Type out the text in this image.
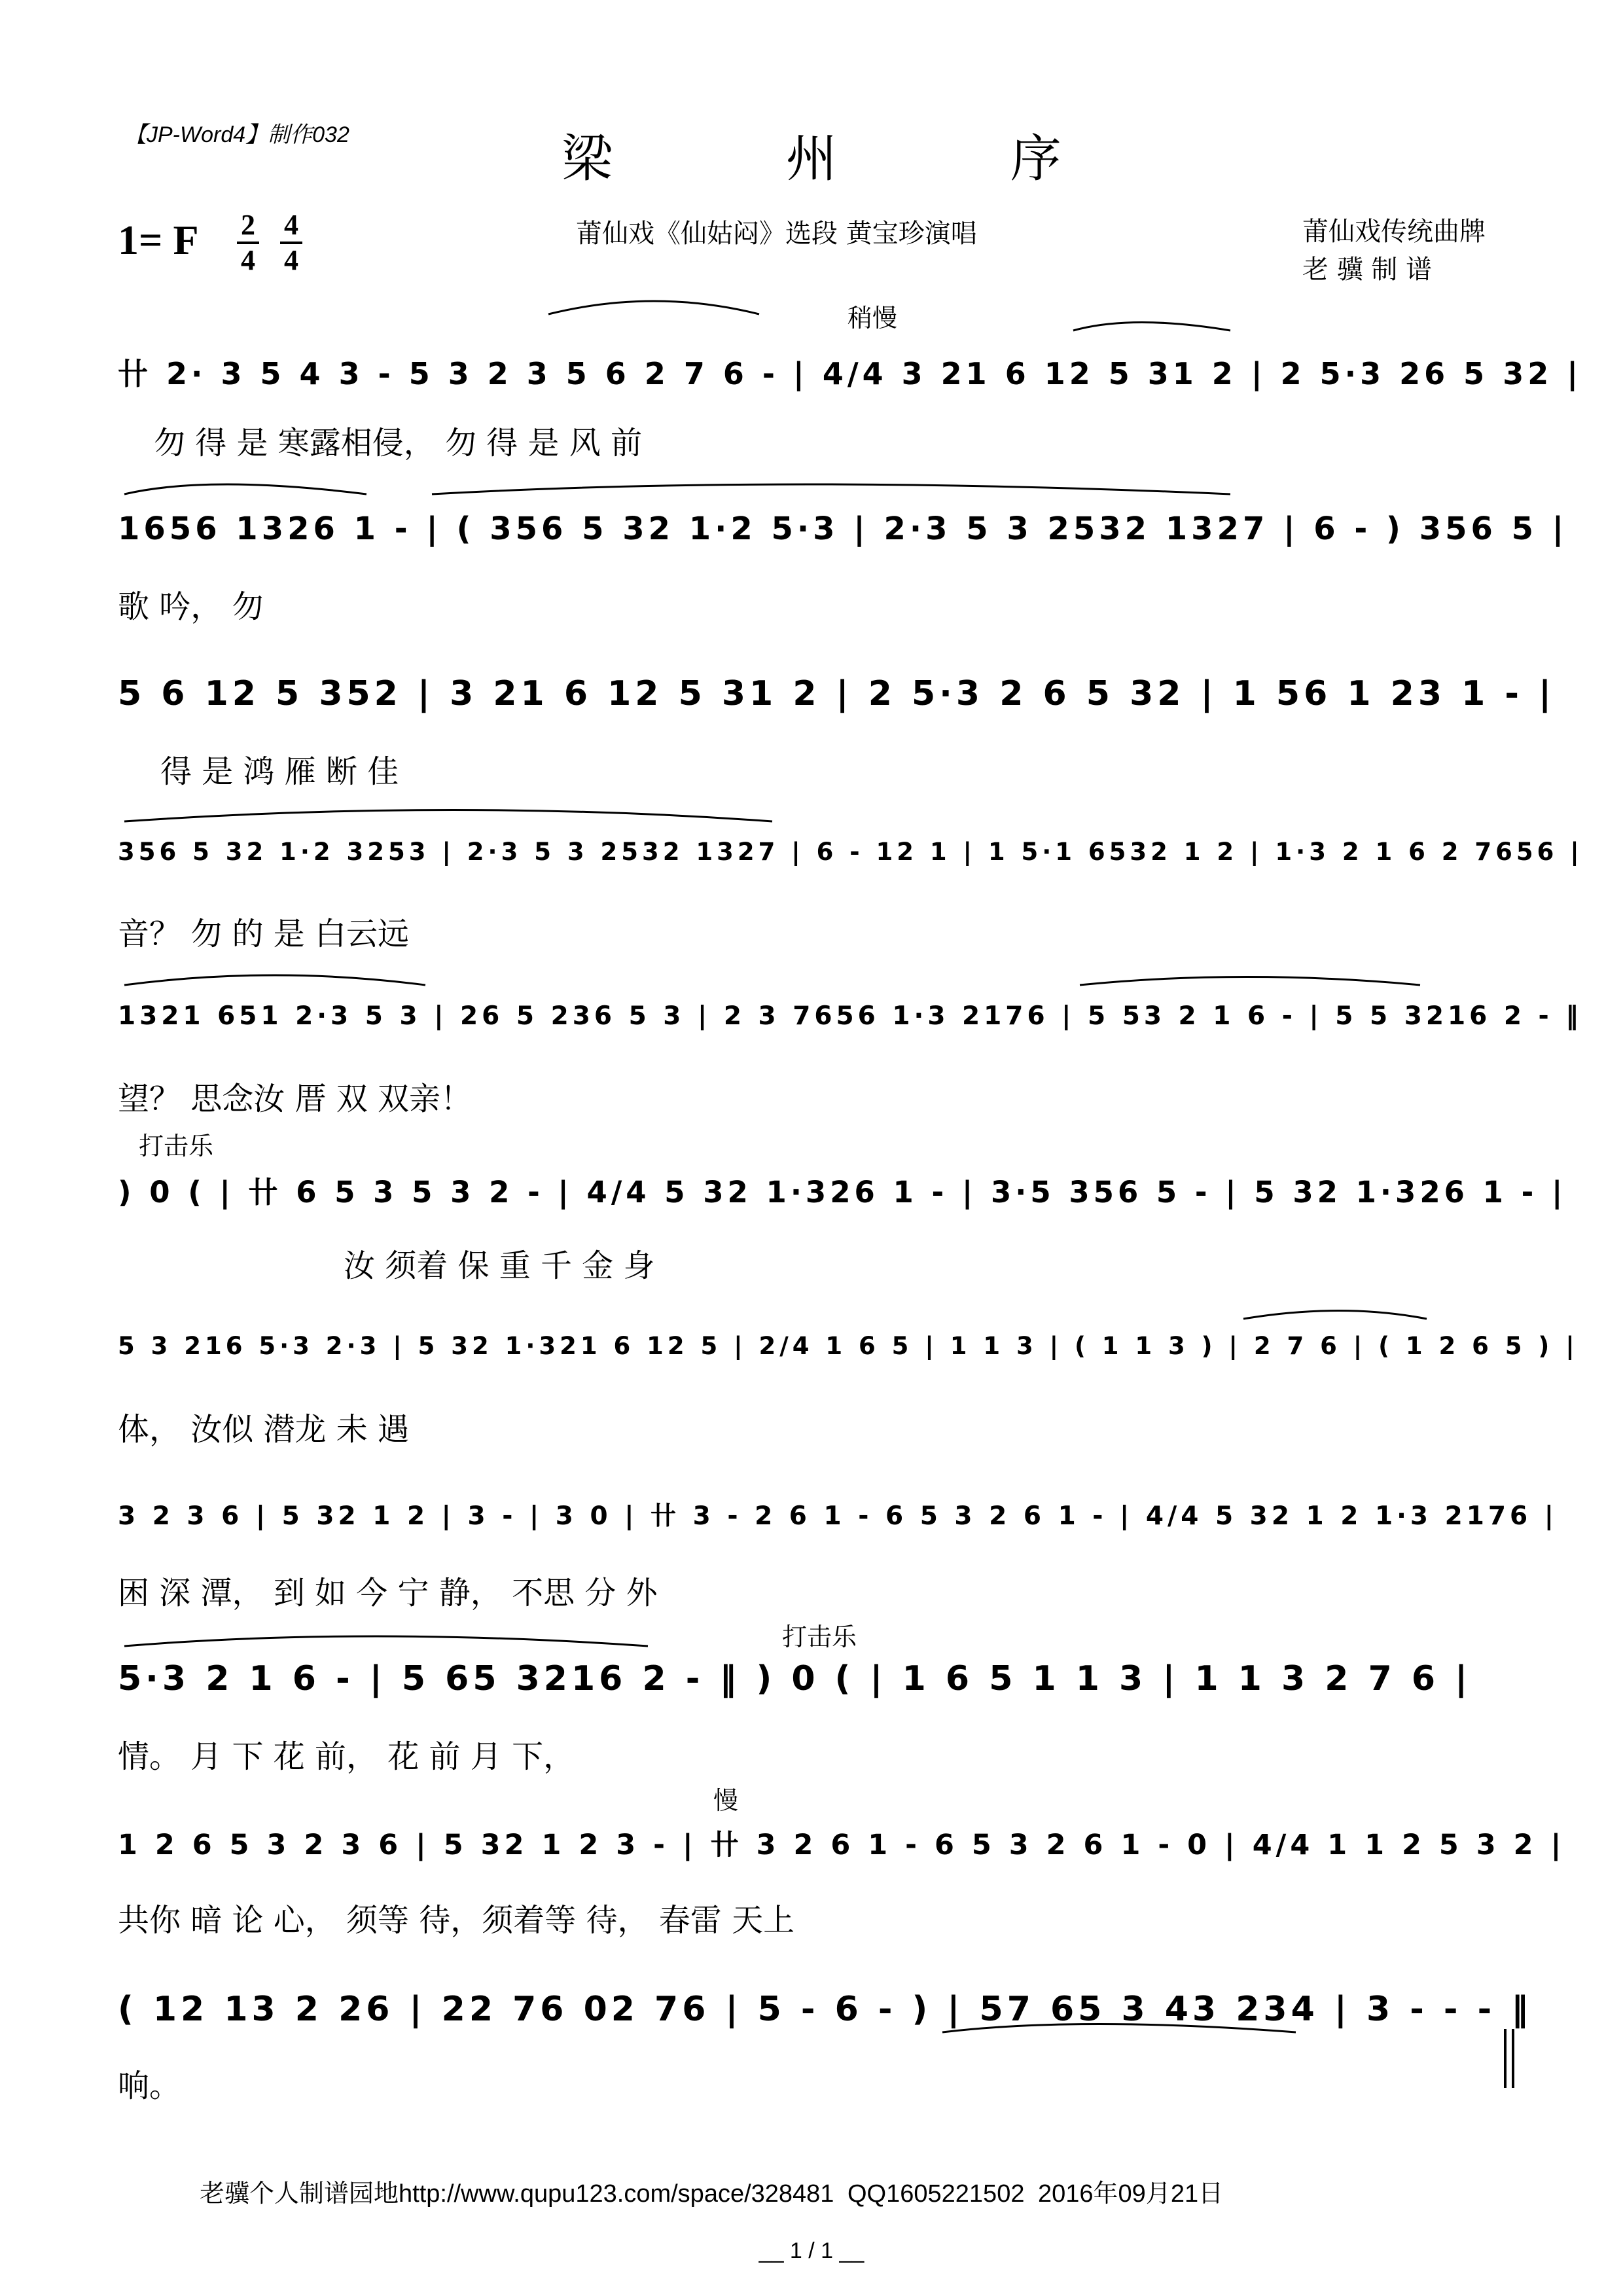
【JP-Word4】制作032	梁 州 序
1= F 2
4
4
4
莆仙戏《仙姑闷》选段 黄宝珍演唱	莆仙戏传统曲牌
老 骥 制 谱
稍慢
卄 2· 3 5 4 3 - 5 3 2 3 5 6 2 7 6 - | 4/4 3 21 6 12 5 31 2 | 2 5·3 26 5 32 |
勿 得 是 寒露相侵， 勿 得 是 风 前
1656 1326 1 - | ( 356 5 32 1·2 5·3 | 2·3 5 3 2532 1327 | 6 - ) 356 5 |
歌 吟， 勿
5 6 12 5 352 | 3 21 6 12 5 31 2 | 2 5·3 2 6 5 32 | 1 56 1 23 1 - |
得 是 鸿 雁 断 佳
356 5 32 1·2 3253 | 2·3 5 3 2532 1327 | 6 - 12 1 | 1 5·1 6532 1 2 | 1·3 2 1 6 2 7656 |
音？ 勿 的 是 白云远
1321 651 2·3 5 3 | 26 5 236 5 3 | 2 3 7656 1·3 2176 | 5 53 2 1 6 - | 5 5 3216 2 - ‖
望？ 思念汝 厝 双 双亲！
打击乐
) 0 ( | 卄 6 5 3 5 3 2 - | 4/4 5 32 1·326 1 - | 3·5 356 5 - | 5 32 1·326 1 - |
汝 须着 保 重 千 金 身
5 3 216 5·3 2·3 | 5 32 1·321 6 12 5 | 2/4 1 6 5 | 1 1 3 | ( 1 1 3 ) | 2 7 6 | ( 1 2 6 5 ) |
体， 汝似 潜龙 未 遇
3 2 3 6 | 5 32 1 2 | 3 - | 3 0 | 卄 3 - 2 6 1 - 6 5 3 2 6 1 - | 4/4 5 32 1 2 1·3 2176 |
困 深 潭， 到 如 今 宁 静， 不思 分 外
打击乐
5·3 2 1 6 - | 5 65 3216 2 - ‖ ) 0 ( | 1 6 5 1 1 3 | 1 1 3 2 7 6 |
情。 月 下 花 前， 花 前 月 下，
慢
1 2 6 5 3 2 3 6 | 5 32 1 2 3 - | 卄 3 2 6 1 - 6 5 3 2 6 1 - 0 | 4/4 1 1 2 5 3 2 |
共你 暗 论 心， 须等 待，须着等 待， 春雷 天上
( 12 13 2 26 | 22 76 02 76 | 5 - 6 - ) | 57 65 3 43 234 | 3 - - - ‖
响。
老骥个人制谱园地http://www.qupu123.com/space/328481 QQ1605221502 2016年09月21日
__ 1 / 1 __
